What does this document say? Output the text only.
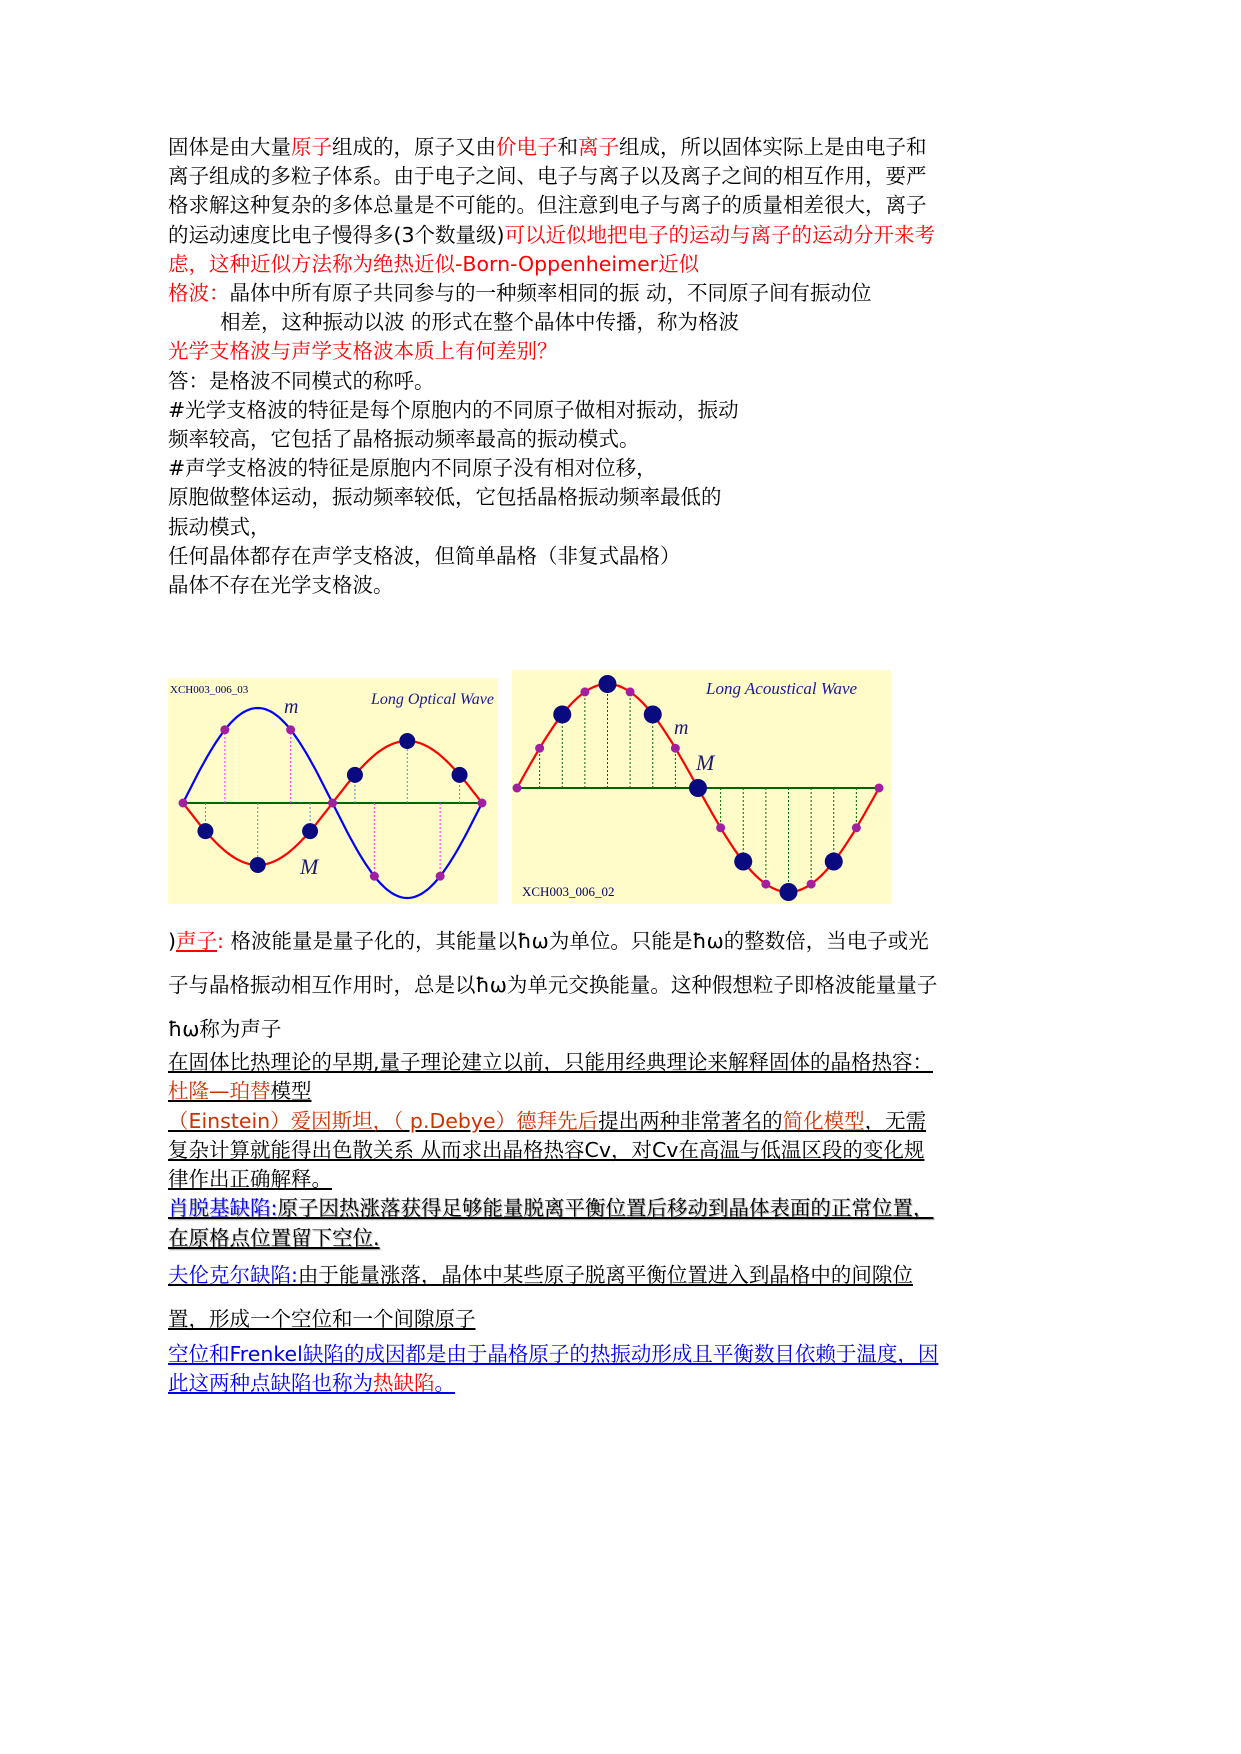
固体是由大量原子组成的，原子又由价电子和离子组成，所以固体实际上是由电子和离子组成的多粒子体系。由于电子之间、电子与离子以及离子之间的相互作用，要严格求解这种复杂的多体总量是不可能的。但注意到电子与离子的质量相差很大，离子的运动速度比电子慢得多(3个数量级)可以近似地把电子的运动与离子的运动分开来考虑，这种近似方法称为绝热近似-Born-Oppenheimer近似

格波：晶体中所有原子共同参与的一种频率相同的振 动，不同原子间有振动位

相差，这种振动以波 的形式在整个晶体中传播，称为格波

光学支格波与声学支格波本质上有何差别？

答：是格波不同模式的称呼。

#光学支格波的特征是每个原胞内的不同原子做相对振动，振动

频率较高，它包括了晶格振动频率最高的振动模式。

#声学支格波的特征是原胞内不同原子没有相对位移，

原胞做整体运动，振动频率较低，它包括晶格振动频率最低的

振动模式，

任何晶体都存在声学支格波，但简单晶格（非复式晶格）

晶体不存在光学支格波。

XCH003_006_03
Long Optical Wave
m
M
XCH003_006_02
Long Acoustical Wave
m
M

)声子: 格波能量是量子化的，其能量以ħω为单位。只能是ħω的整数倍，当电子或光子与晶格振动相互作用时，总是以ħω为单元交换能量。这种假想粒子即格波能量量子ħω称为声子

在固体比热理论的早期,量子理论建立以前，只能用经典理论来解释固体的晶格热容：杜隆—珀替模型

（Einstein）爱因斯坦，（ p.Debye）德拜先后提出两种非常著名的简化模型，无需复杂计算就能得出色散关系 从而求出晶格热容Cv，对Cv在高温与低温区段的变化规律作出正确解释。

肖脱基缺陷:原子因热涨落获得足够能量脱离平衡位置后移动到晶体表面的正常位置，在原格点位置留下空位.

夫伦克尔缺陷:由于能量涨落，晶体中某些原子脱离平衡位置进入到晶格中的间隙位置，形成一个空位和一个间隙原子

空位和Frenkel缺陷的成因都是由于晶格原子的热振动形成且平衡数目依赖于温度，因此这两种点缺陷也称为热缺陷。
